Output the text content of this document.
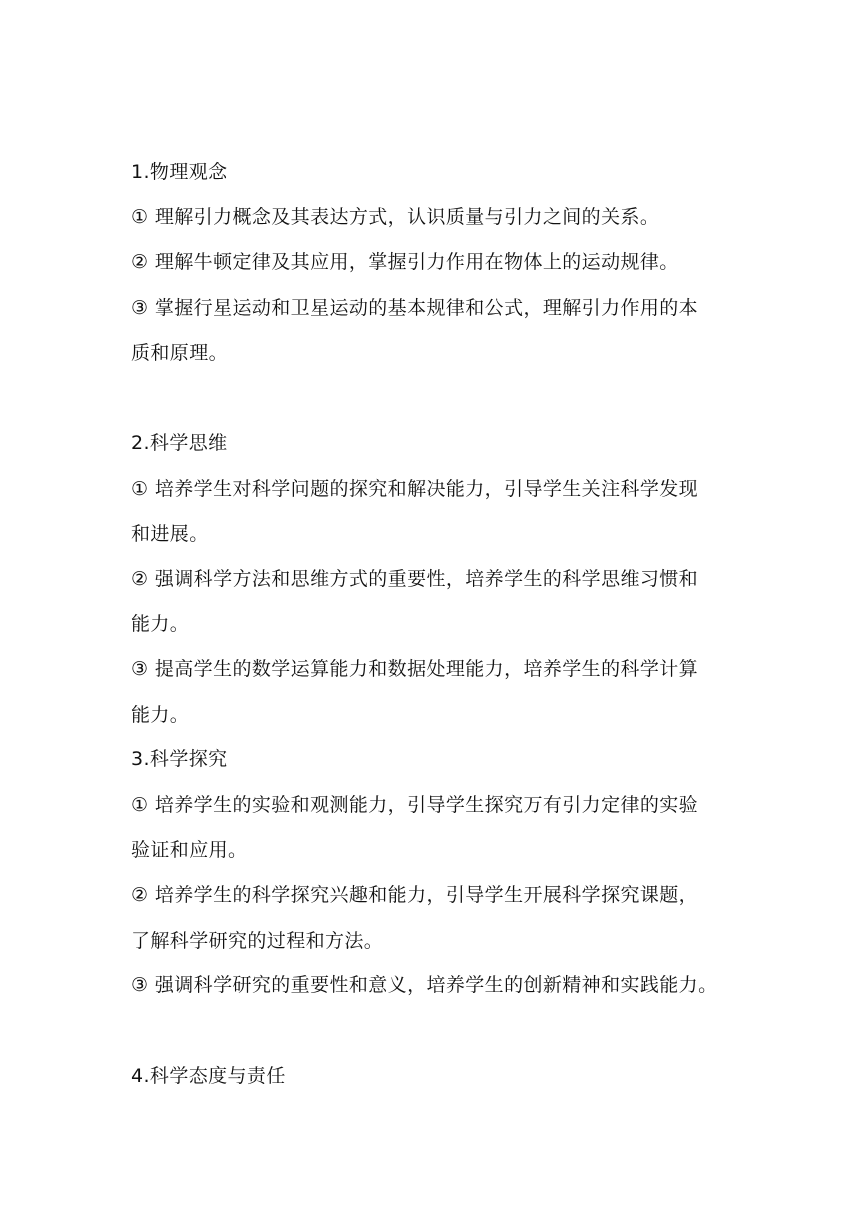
1.物理观念
① 理解引力概念及其表达方式，认识质量与引力之间的关系。
② 理解牛顿定律及其应用，掌握引力作用在物体上的运动规律。
③ 掌握行星运动和卫星运动的基本规律和公式，理解引力作用的本
质和原理。
2.科学思维
① 培养学生对科学问题的探究和解决能力，引导学生关注科学发现
和进展。
② 强调科学方法和思维方式的重要性，培养学生的科学思维习惯和
能力。
③ 提高学生的数学运算能力和数据处理能力，培养学生的科学计算
能力。
3.科学探究
① 培养学生的实验和观测能力，引导学生探究万有引力定律的实验
验证和应用。
② 培养学生的科学探究兴趣和能力，引导学生开展科学探究课题，
了解科学研究的过程和方法。
③ 强调科学研究的重要性和意义，培养学生的创新精神和实践能力。
4.科学态度与责任
